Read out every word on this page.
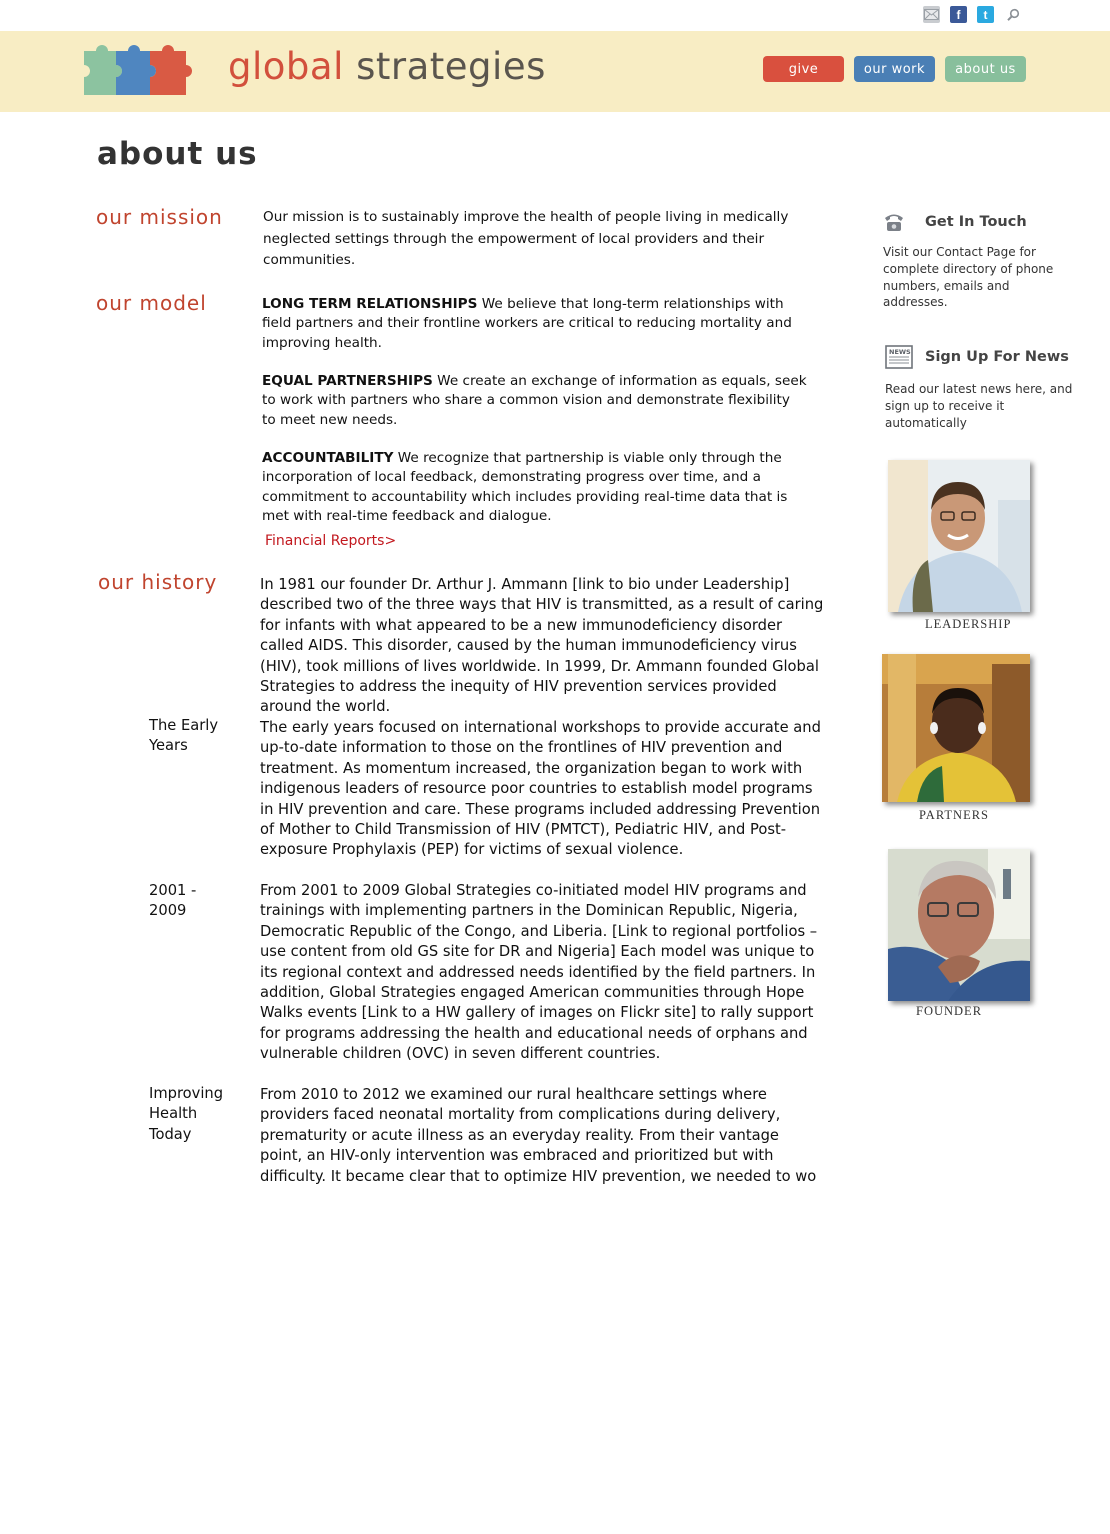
f t
global strategies	give	our work	about us
about us
our mission	Our mission is to sustainably improve the health of people living in medically neglected settings through the empowerment of local providers and their communities.
our model	LONG TERM RELATIONSHIPS We believe that long-term relationships with field partners and their frontline workers are critical to reducing mortality and improving health.
EQUAL PARTNERSHIPS We create an exchange of information as equals, seek to work with partners who share a common vision and demonstrate flexibility to meet new needs.
ACCOUNTABILITY We recognize that partnership is viable only through the incorporation of local feedback, demonstrating progress over time, and a commitment to accountability which includes providing real-time data that is met with real-time feedback and dialogue.
Financial Reports>
our history	In 1981 our founder Dr. Arthur J. Ammann [link to bio under Leadership] described two of the three ways that HIV is transmitted, as a result of caring for infants with what appeared to be a new immunodeficiency disorder called AIDS. This disorder, caused by the human immunodeficiency virus (HIV), took millions of lives worldwide. In 1999, Dr. Ammann founded Global Strategies to address the inequity of HIV prevention services provided around the world.
The Early Years
The early years focused on international workshops to provide accurate and up-to-date information to those on the frontlines of HIV prevention and treatment. As momentum increased, the organization began to work with indigenous leaders of resource poor countries to establish model programs in HIV prevention and care. These programs included addressing Prevention of Mother to Child Transmission of HIV (PMTCT), Pediatric HIV, and Post-exposure Prophylaxis (PEP) for victims of sexual violence.
2001 - 2009
From 2001 to 2009 Global Strategies co-initiated model HIV programs and trainings with implementing partners in the Dominican Republic, Nigeria, Democratic Republic of the Congo, and Liberia. [Link to regional portfolios – use content from old GS site for DR and Nigeria] Each model was unique to its regional context and addressed needs identified by the field partners. In addition, Global Strategies engaged American communities through Hope Walks events [Link to a HW gallery of images on Flickr site] to rally support for programs addressing the health and educational needs of orphans and vulnerable children (OVC) in seven different countries.
Improving Health Today
From 2010 to 2012 we examined our rural healthcare settings where providers faced neonatal mortality from complications during delivery, prematurity or acute illness as an everyday reality. From their vantage point, an HIV-only intervention was embraced and prioritized but with difficulty. It became clear that to optimize HIV prevention, we needed to wo
Get In Touch
Visit our Contact Page for complete directory of phone numbers, emails and addresses.
NEWS Sign Up For News
Read our latest news here, and sign up to receive it automatically
LEADERSHIP
PARTNERS
FOUNDER
